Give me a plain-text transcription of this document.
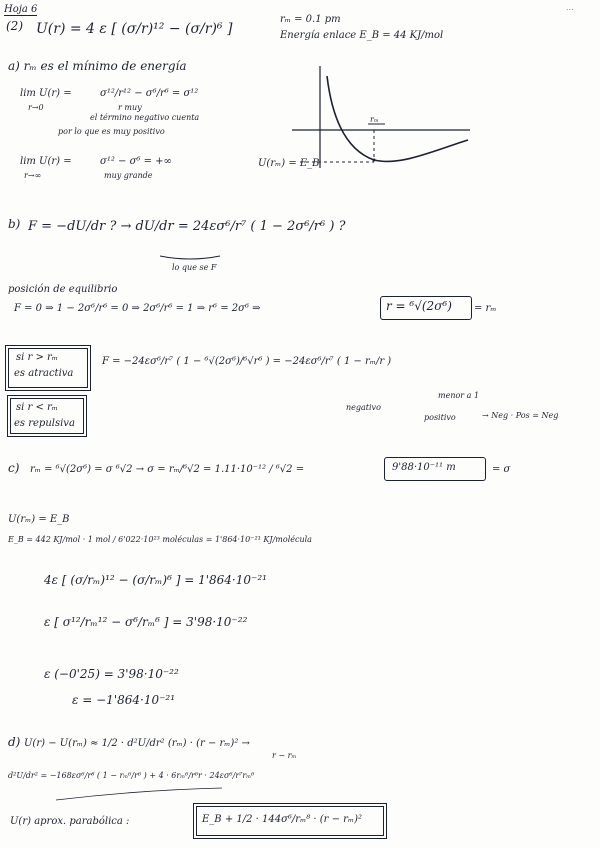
Hoja 6	...
(2) U(r) = 4 ε [ (σ/r)¹² − (σ/r)⁶ ]
rₘ = 0.1 pm
Energía enlace E_B = 44 KJ/mol
a) rₘ es el mínimo de energía
lim U(r) =
r→0
σ¹²/r¹² − σ⁶/r⁶ = σ¹²
r muy
el término negativo cuenta
por lo que es muy positivo
lim U(r) =
r→∞
σ¹² − σ⁶ = +∞
muy grande
rₘ
U(rₘ) = E_B
b) F = −dU/dr ? → dU/dr = 24εσ⁶/r⁷ ( 1 − 2σ⁶/r⁶ ) ?
lo que se F
posición de equilibrio
F = 0 ⇒ 1 − 2σ⁶/r⁶ = 0 ⇒ 2σ⁶/r⁶ = 1 ⇒ r⁶ = 2σ⁶ ⇒	r = ⁶√(2σ⁶) = rₘ
si r > rₘ
es atractiva
si r < rₘ
es repulsiva
F = −24εσ⁶/r⁷ ( 1 − ⁶√(2σ⁶)/⁶√r⁶ ) = −24εσ⁶/r⁷ ( 1 − rₘ/r )
negativo
menor a 1
positivo	→ Neg · Pos = Neg
c) rₘ = ⁶√(2σ⁶) = σ ⁶√2 → σ = rₘ/⁶√2 = 1.11·10⁻¹² / ⁶√2 =	9'88·10⁻¹¹ m	= σ
U(rₘ) = E_B
E_B = 442 KJ/mol · 1 mol / 6'022·10²³ moléculas = 1'864·10⁻²¹ KJ/molécula
4ε [ (σ/rₘ)¹² − (σ/rₘ)⁶ ] = 1'864·10⁻²¹
ε [ σ¹²/rₘ¹² − σ⁶/rₘ⁶ ] = 3'98·10⁻²²
ε (−0'25) = 3'98·10⁻²²
ε = −1'864·10⁻²¹
d) U(r) − U(rₘ) ≈ 1/2 · d²U/dr² (rₘ) · (r − rₘ)² →
r − rₘ
d²U/dr² = −168εσ⁶/r⁸ ( 1 − rₘ⁶/r⁶ ) + 4 · 6rₘ⁶/r⁶r · 24εσ⁶/r⁷rₘ⁶
U(r) aprox. parabólica :	E_B + 1/2 · 144σ⁶/rₘ⁸ · (r − rₘ)²
